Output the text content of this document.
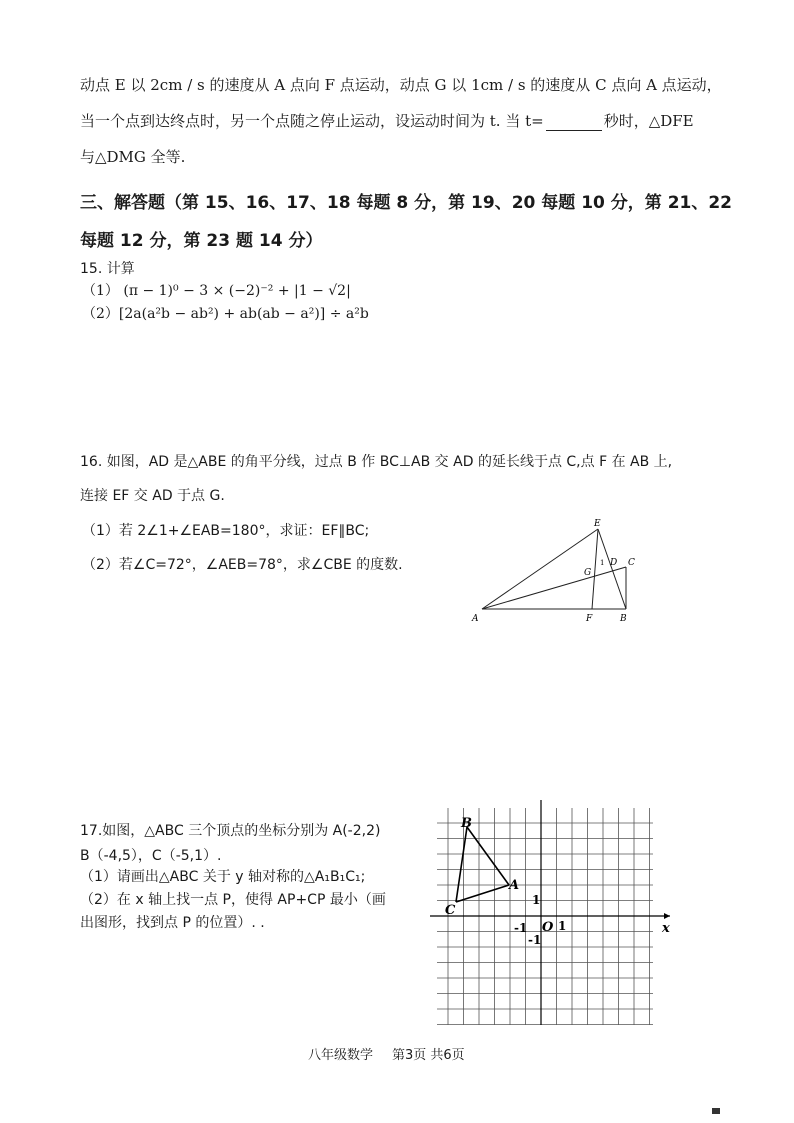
动点 E 以 2cm / s 的速度从 A 点向 F 点运动，动点 G 以 1cm / s 的速度从 C 点向 A 点运动，
当一个点到达终点时，另一个点随之停止运动，设运动时间为 t. 当 t=	秒时，△DFE
与△DMG 全等.
三、解答题（第 15、16、17、18 每题 8 分，第 19、20 每题 10 分，第 21、22
每题 12 分，第 23 题 14 分）
15. 计算
（1） (π − 1)⁰ − 3 × (−2)⁻² + |1 − √2|
（2）[2a(a²b − ab²) + ab(ab − a²)] ÷ a²b
16. 如图，AD 是△ABE 的角平分线，过点 B 作 BC⊥AB 交 AD 的延长线于点 C,点 F 在 AB 上,
连接 EF 交 AD 于点 G.
（1）若 2∠1+∠EAB=180°，求证：EF∥BC;
（2）若∠C=72°，∠AEB=78°，求∠CBE 的度数.
A	B
C
D
E
F
G
1
17.如图，△ABC 三个顶点的坐标分别为 A(-2,2)
B（-4,5），C（-5,1）.
（1）请画出△ABC 关于 y 轴对称的△A₁B₁C₁;
（2）在 x 轴上找一点 P，使得 AP+CP 最小（画
出图形，找到点 P 的位置）. .
B
A
C
O	x
1
-1	1
-1
八年级数学 第3页 共6页
